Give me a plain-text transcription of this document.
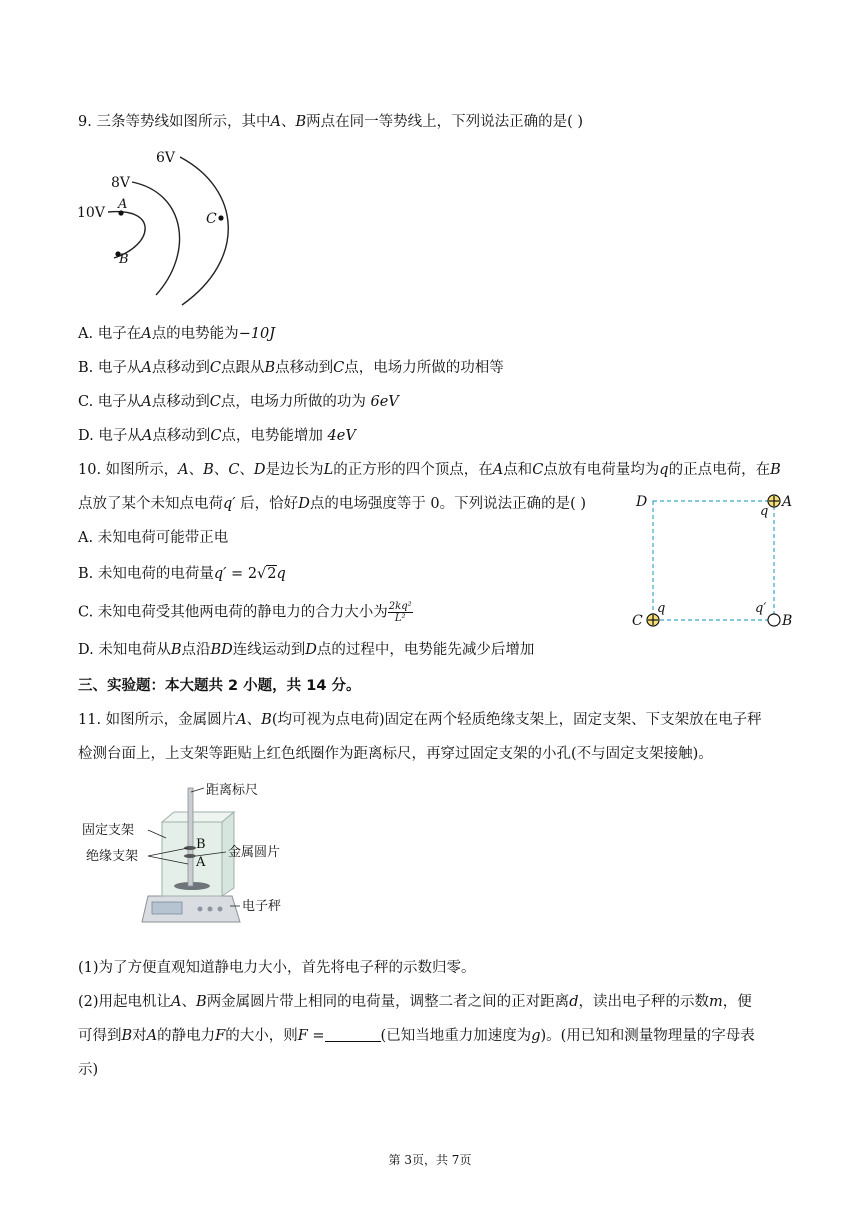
9. 三条等势线如图所示，其中A、B两点在同一等势线上，下列说法正确的是( )
6V
8V
10V
A
B
C
A. 电子在A点的电势能为−10J
B. 电子从A点移动到C点跟从B点移动到C点，电场力所做的功相等
C. 电子从A点移动到C点，电场力所做的功为 6eV
D. 电子从A点移动到C点，电势能增加 4eV
10. 如图所示，A、B、C、D是边长为L的正方形的四个顶点，在A点和C点放有电荷量均为q的正点电荷，在B
点放了某个未知点电荷q′ 后，恰好D点的电场强度等于 0。下列说法正确的是( )
A. 未知电荷可能带正电
B. 未知电荷的电荷量q′ = 2√2q
C. 未知电荷受其他两电荷的静电力的合力大小为 $\frac{\text{2kq²}}{\text{L²}}$
D. 未知电荷从B点沿BD连线运动到D点的过程中，电势能先减少后增加
D	A
q
C
q	q′
B
三、实验题：本大题共 2 小题，共 14 分。
11. 如图所示，金属圆片A、B(均可视为点电荷)固定在两个轻质绝缘支架上，固定支架、下支架放在电子秤
检测台面上，上支架等距贴上红色纸圈作为距离标尺，再穿过固定支架的小孔(不与固定支架接触)。
距离标尺
固定支架
绝缘支架	金属圆片
电子秤
B
A
(1)为了方便直观知道静电力大小，首先将电子秤的示数归零。
(2)用起电机让A、B两金属圆片带上相同的电荷量，调整二者之间的正对距离d，读出电子秤的示数m，便
可得到B对A的静电力F的大小，则F =	(已知当地重力加速度为g)。(用已知和测量物理量的字母表
示)
第 3页，共 7页
